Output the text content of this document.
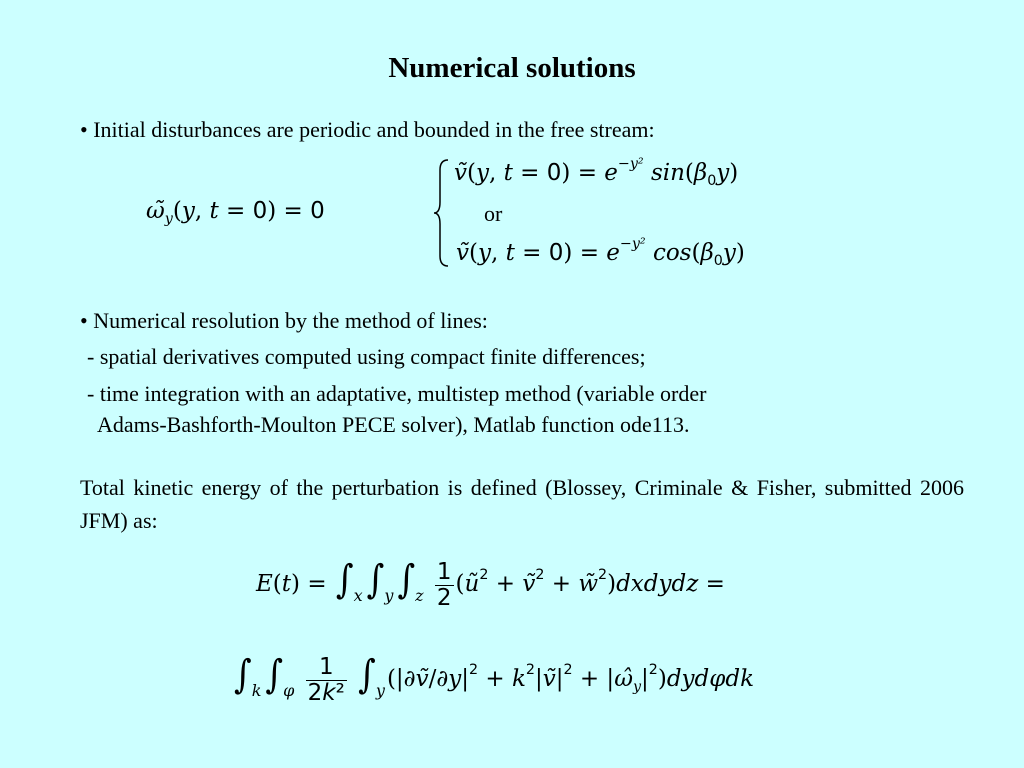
Numerical solutions
• Initial disturbances are periodic and bounded in the free stream:
$\omegã_y(y$, t = 0) = 0
ṽ(y, $t = 0) = e^{-y^2}$ $\sin(\beta_0y)$
or
ṽ(y, $t = 0) = e^{-y^2}$ $\cos(\beta_0y)$
• Numerical resolution by the method of lines:
- spatial derivatives computed using compact finite differences;
- time integration with an adaptative, multistep method (variable order
Adams-Bashforth-Moulton PECE solver), Matlab function ode113.
Total kinetic energy of the perturbation is defined (Blossey, Criminale & Fisher, submitted 2006 JFM) as:
$E(t) = \int_x$ $\int_y$ $\int_z \frac{1}{2}$ ($ũ^2$ + ṽ$^2$ + w̃$^2$)dxdydz =
$\int_k$ $\int_\varphi \frac{1}{\text{2k²}}$ $\int_y(|\partial ṽ/\partial y|^2$ + $k^2|ṽ|^2$ + $|\omegâ_y|^2)dyd\varphi dk$
